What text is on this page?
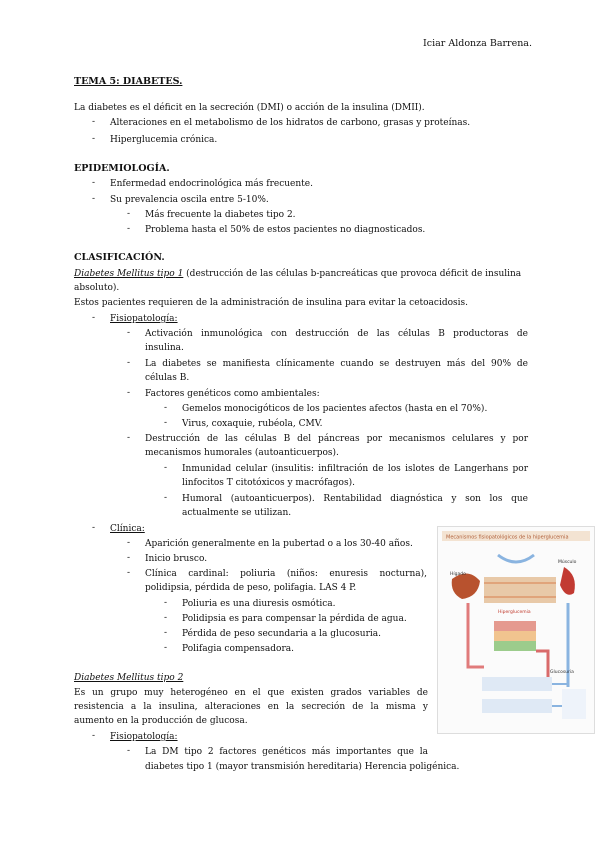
Iciar Aldonza Barrena.
TEMA 5: DIABETES.
La diabetes es el déficit en la secreción (DMI) o acción de la insulina (DMII).
- Alteraciones en el metabolismo de los hidratos de carbono, grasas y proteínas.
- Hiperglucemia crónica.
EPIDEMIOLOGÍA.
- Enfermedad endocrinológica más frecuente.
- Su prevalencia oscila entre 5-10%.
- Más frecuente la diabetes tipo 2.
- Problema hasta el 50% de estos pacientes no diagnosticados.
CLASIFICACIÓN.
Diabetes Mellitus tipo 1 (destrucción de las células b-pancreáticas que provoca déficit de insulina
absoluto).
Estos pacientes requieren de la administración de insulina para evitar la cetoacidosis.
- Fisiopatología:
- Activación inmunológica con destrucción de las células B productoras de
insulina.
- La diabetes se manifiesta clínicamente cuando se destruyen más del 90% de
células B.
- Factores genéticos como ambientales:
- Gemelos monocigóticos de los pacientes afectos (hasta en el 70%).
- Virus, coxaquie, rubéola, CMV.
- Destrucción de las células B del páncreas por mecanismos celulares y por
mecanismos humorales (autoanticuerpos).
- Inmunidad celular (insulitis: infiltración de los islotes de Langerhans por
linfocitos T citotóxicos y macrófagos).
- Humoral (autoanticuerpos). Rentabilidad diagnóstica y son los que
actualmente se utilizan.
- Clínica:
- Aparición generalmente en la pubertad o a los 30-40 años.
- Inicio brusco.
- Clínica cardinal: poliuria (niños: enuresis nocturna),
polidipsia, pérdida de peso, polifagia. LAS 4 P.
- Poliuria es una diuresis osmótica.
- Polidipsia es para compensar la pérdida de agua.
- Pérdida de peso secundaria a la glucosuria.
- Polifagia compensadora.
Diabetes Mellitus tipo 2
Es un grupo muy heterogéneo en el que existen grados variables de
resistencia a la insulina, alteraciones en la secreción de la misma y
aumento en la producción de glucosa.
- Fisiopatología:
- La DM tipo 2 factores genéticos más importantes que la
diabetes tipo 1 (mayor transmisión hereditaria) Herencia poligénica.
Mecanismos fisiopatológicos de la hiperglucemia
Hígado
Músculo
Hiperglucemia
Glucosuria
